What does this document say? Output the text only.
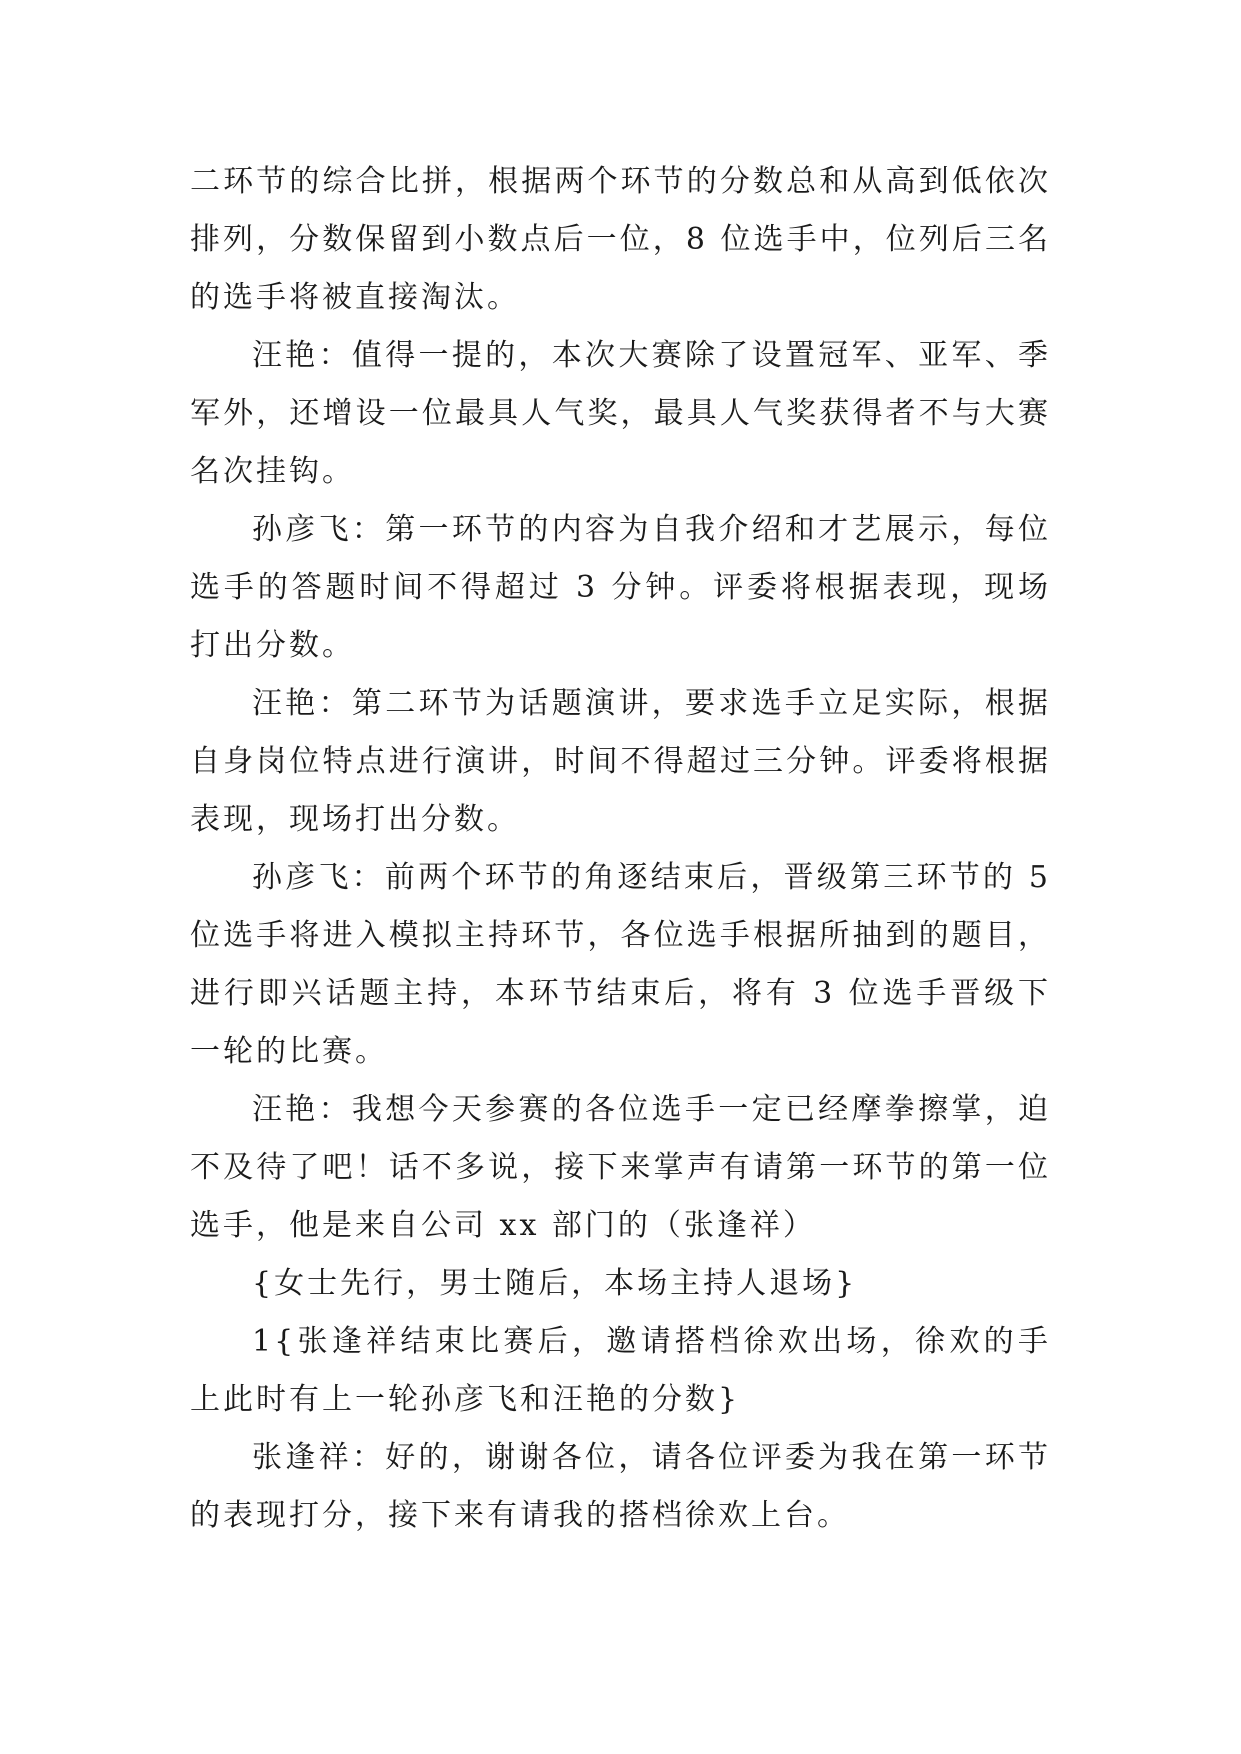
二环节的综合比拼，根据两个环节的分数总和从高到低依次排列，分数保留到小数点后一位，8 位选手中，位列后三名的选手将被直接淘汰。

汪艳：值得一提的，本次大赛除了设置冠军、亚军、季军外，还增设一位最具人气奖，最具人气奖获得者不与大赛名次挂钩。

孙彦飞：第一环节的内容为自我介绍和才艺展示，每位选手的答题时间不得超过 3 分钟。评委将根据表现，现场打出分数。

汪艳：第二环节为话题演讲，要求选手立足实际，根据自身岗位特点进行演讲，时间不得超过三分钟。评委将根据表现，现场打出分数。

孙彦飞：前两个环节的角逐结束后，晋级第三环节的 5 位选手将进入模拟主持环节，各位选手根据所抽到的题目，进行即兴话题主持，本环节结束后，将有 3 位选手晋级下一轮的比赛。

汪艳：我想今天参赛的各位选手一定已经摩拳擦掌，迫不及待了吧！话不多说，接下来掌声有请第一环节的第一位选手，他是来自公司 xx 部门的（张逢祥）

{女士先行，男士随后，本场主持人退场}

1{张逢祥结束比赛后，邀请搭档徐欢出场，徐欢的手上此时有上一轮孙彦飞和汪艳的分数}

张逢祥：好的，谢谢各位，请各位评委为我在第一环节的表现打分，接下来有请我的搭档徐欢上台。
